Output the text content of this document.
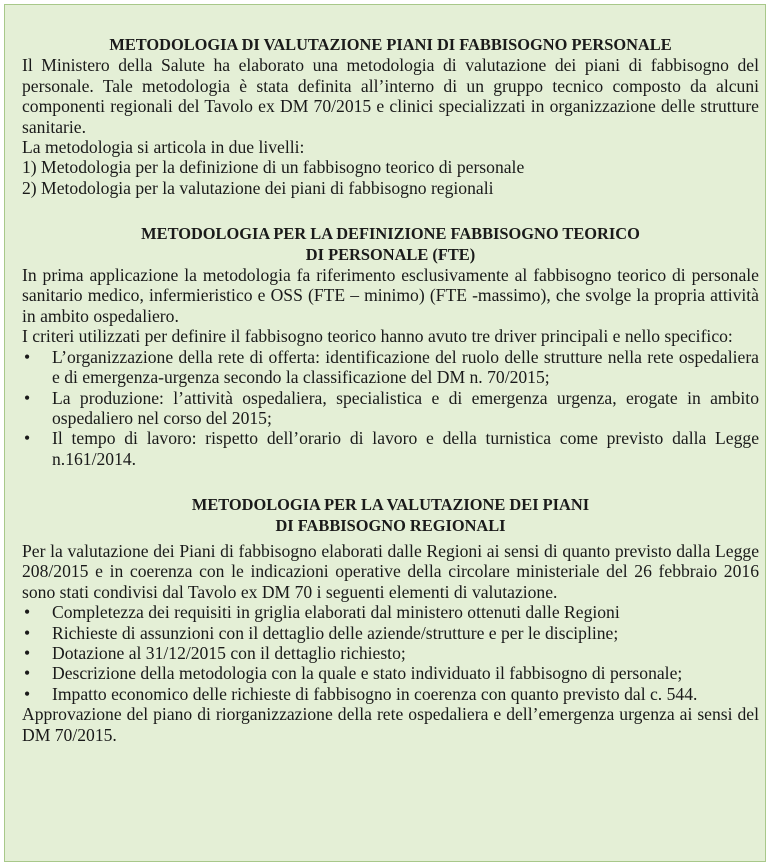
METODOLOGIA DI VALUTAZIONE PIANI DI FABBISOGNO PERSONALE

Il Ministero della Salute ha elaborato una metodologia di valutazione dei piani di fabbisogno del personale. Tale metodologia è stata definita all’interno di un gruppo tecnico composto da alcuni componenti regionali del Tavolo ex DM 70/2015 e clinici specializzati in organizzazione delle strutture sanitarie.

La metodologia si articola in due livelli:
1) Metodologia per la definizione di un fabbisogno teorico di personale
2) Metodologia per la valutazione dei piani di fabbisogno regionali
METODOLOGIA PER LA DEFINIZIONE FABBISOGNO TEORICO
DI PERSONALE (FTE)

In prima applicazione la metodologia fa riferimento esclusivamente al fabbisogno teorico di personale sanitario medico, infermieristico e OSS (FTE – minimo) (FTE -massimo), che svolge la propria attività in ambito ospedaliero.

I criteri utilizzati per definire il fabbisogno teorico hanno avuto tre driver principali e nello specifico:

• L’organizzazione della rete di offerta: identificazione del ruolo delle strutture nella rete ospedaliera e di emergenza-urgenza secondo la classificazione del DM n. 70/2015;
• La produzione: l’attività ospedaliera, specialistica e di emergenza urgenza, erogate in ambito ospedaliero nel corso del 2015;
• Il tempo di lavoro: rispetto dell’orario di lavoro e della turnistica come previsto dalla Legge n.161/2014.
METODOLOGIA PER LA VALUTAZIONE DEI PIANI
DI FABBISOGNO REGIONALI

Per la valutazione dei Piani di fabbisogno elaborati dalle Regioni ai sensi di quanto previsto dalla Legge 208/2015 e in coerenza con le indicazioni operative della circolare ministeriale del 26 febbraio 2016 sono stati condivisi dal Tavolo ex DM 70 i seguenti elementi di valutazione.

• Completezza dei requisiti in griglia elaborati dal ministero ottenuti dalle Regioni
• Richieste di assunzioni con il dettaglio delle aziende/strutture e per le discipline;
• Dotazione al 31/12/2015 con il dettaglio richiesto;
• Descrizione della metodologia con la quale e stato individuato il fabbisogno di personale;
• Impatto economico delle richieste di fabbisogno in coerenza con quanto previsto dal c. 544.

Approvazione del piano di riorganizzazione della rete ospedaliera e dell’emergenza urgenza ai sensi del DM 70/2015.
